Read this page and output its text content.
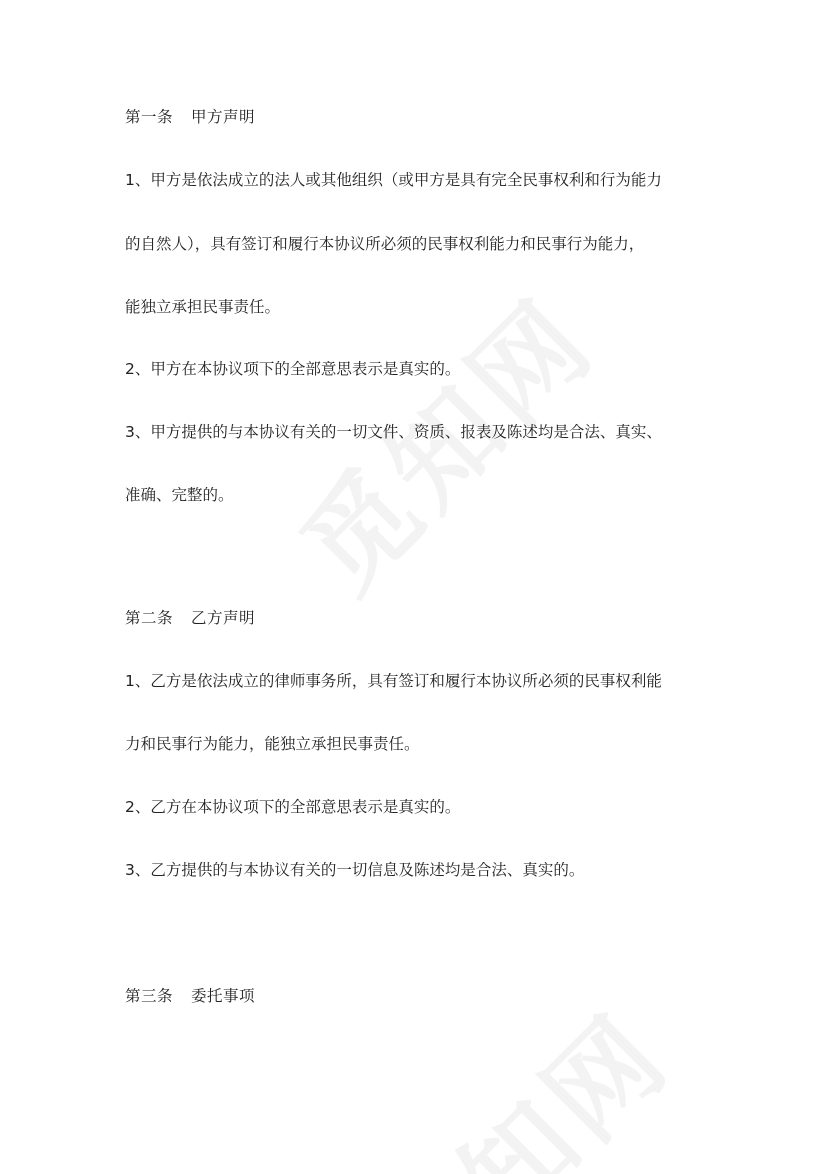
第一条 甲方声明
1、甲方是依法成立的法人或其他组织（或甲方是具有完全民事权利和行为能力
的自然人），具有签订和履行本协议所必须的民事权利能力和民事行为能力，
能独立承担民事责任。
2、甲方在本协议项下的全部意思表示是真实的。
3、甲方提供的与本协议有关的一切文件、资质、报表及陈述均是合法、真实、
准确、完整的。
第二条 乙方声明
1、乙方是依法成立的律师事务所，具有签订和履行本协议所必须的民事权利能
力和民事行为能力，能独立承担民事责任。
2、乙方在本协议项下的全部意思表示是真实的。
3、乙方提供的与本协议有关的一切信息及陈述均是合法、真实的。
第三条 委托事项
